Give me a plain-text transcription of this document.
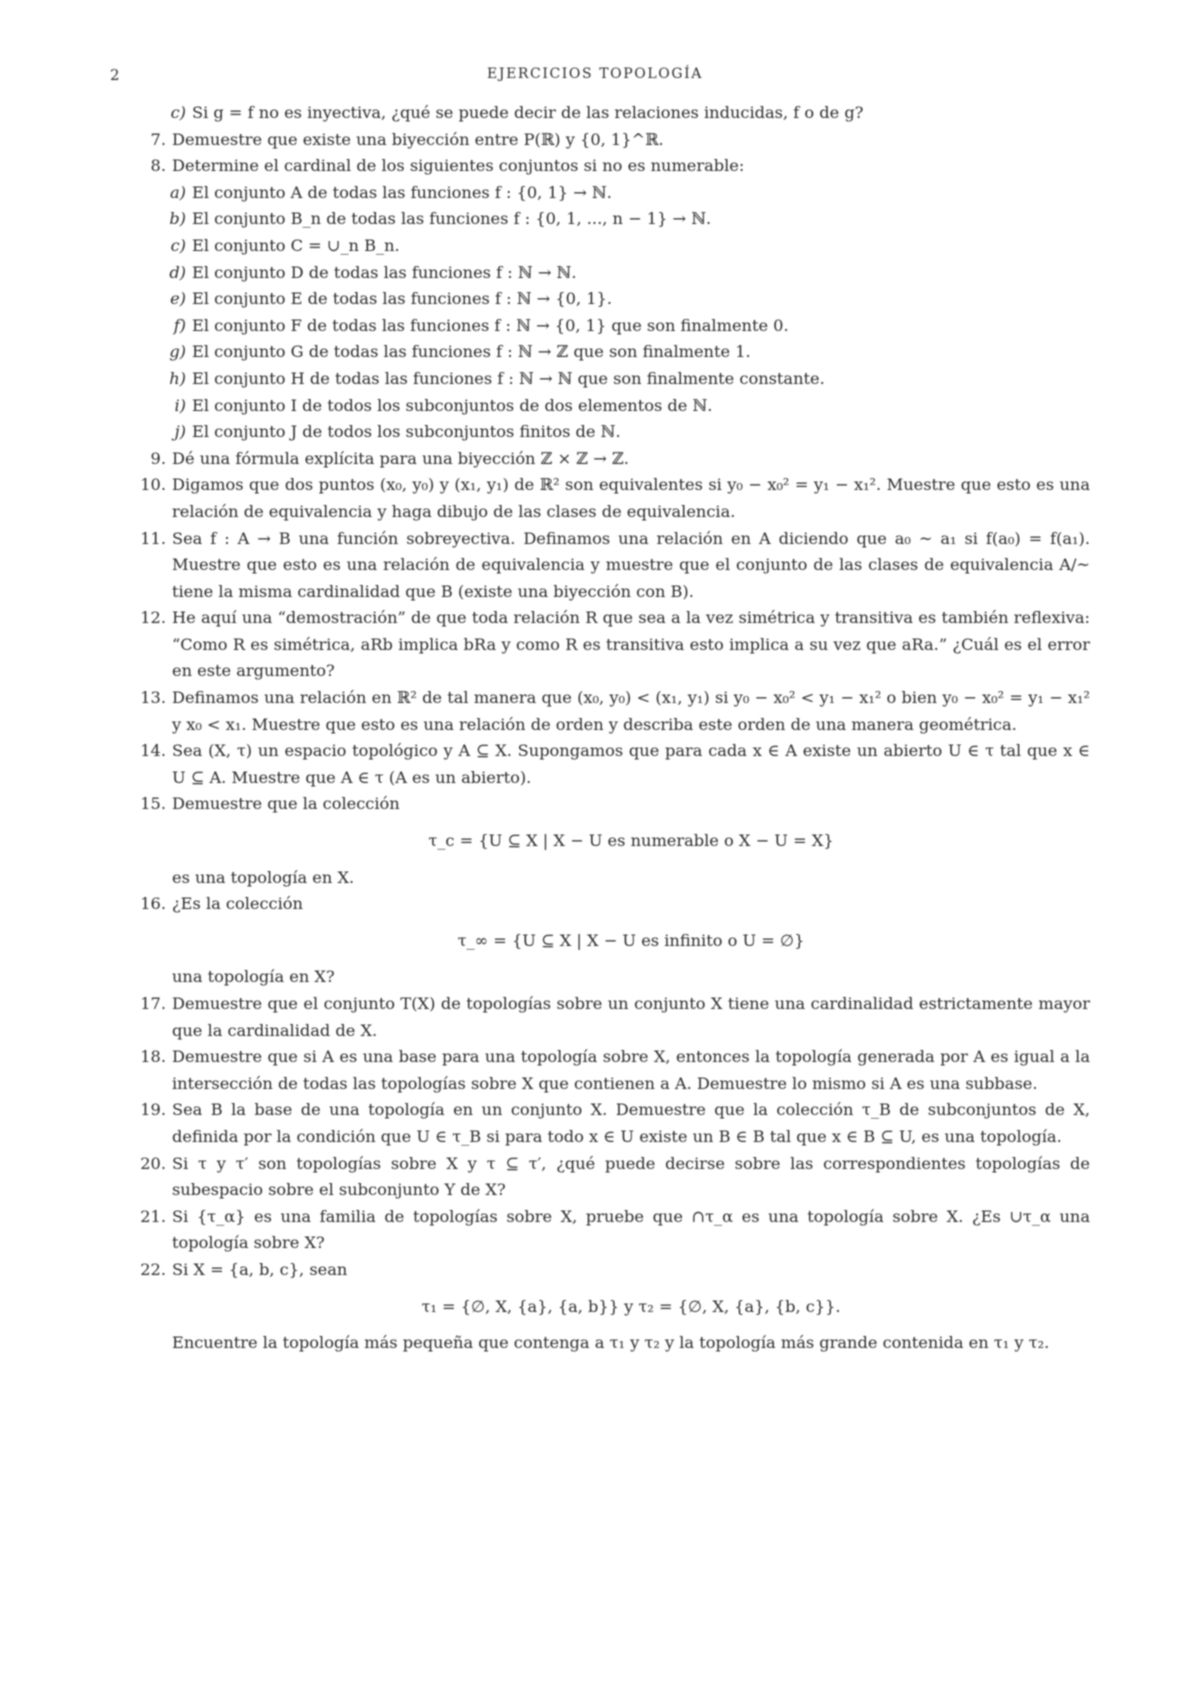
2	EJERCICIOS TOPOLOGÍA
c) Si g = f no es inyectiva, ¿qué se puede decir de las relaciones inducidas, f o de g?
7. Demuestre que existe una biyección entre P(ℝ) y {0, 1}^ℝ.
8. Determine el cardinal de los siguientes conjuntos si no es numerable:
a) El conjunto A de todas las funciones f : {0, 1} → ℕ.
b) El conjunto B_n de todas las funciones f : {0, 1, ..., n − 1} → ℕ.
c) El conjunto C = ∪_n B_n.
d) El conjunto D de todas las funciones f : ℕ → ℕ.
e) El conjunto E de todas las funciones f : ℕ → {0, 1}.
f) El conjunto F de todas las funciones f : ℕ → {0, 1} que son finalmente 0.
g) El conjunto G de todas las funciones f : ℕ → ℤ que son finalmente 1.
h) El conjunto H de todas las funciones f : ℕ → ℕ que son finalmente constante.
i) El conjunto I de todos los subconjuntos de dos elementos de ℕ.
j) El conjunto J de todos los subconjuntos finitos de ℕ.
9. Dé una fórmula explícita para una biyección ℤ × ℤ → ℤ.
10. Digamos que dos puntos (x₀, y₀) y (x₁, y₁) de ℝ² son equivalentes si y₀ − x₀² = y₁ − x₁². Muestre que esto es una relación de equivalencia y haga dibujo de las clases de equivalencia.
11. Sea f : A → B una función sobreyectiva. Definamos una relación en A diciendo que a₀ ~ a₁ si f(a₀) = f(a₁). Muestre que esto es una relación de equivalencia y muestre que el conjunto de las clases de equivalencia A/~ tiene la misma cardinalidad que B (existe una biyección con B).
12. He aquí una “demostración” de que toda relación R que sea a la vez simétrica y transitiva es también reflexiva: “Como R es simétrica, aRb implica bRa y como R es transitiva esto implica a su vez que aRa.” ¿Cuál es el error en este argumento?
13. Definamos una relación en ℝ² de tal manera que (x₀, y₀) < (x₁, y₁) si y₀ − x₀² < y₁ − x₁² o bien y₀ − x₀² = y₁ − x₁² y x₀ < x₁. Muestre que esto es una relación de orden y describa este orden de una manera geométrica.
14. Sea (X, τ) un espacio topológico y A ⊆ X. Supongamos que para cada x ∈ A existe un abierto U ∈ τ tal que x ∈ U ⊆ A. Muestre que A ∈ τ (A es un abierto).
15. Demuestre que la colección
τ_c = {U ⊆ X | X − U es numerable o X − U = X}
es una topología en X.
16. ¿Es la colección
τ_∞ = {U ⊆ X | X − U es infinito o U = ∅}
una topología en X?
17. Demuestre que el conjunto T(X) de topologías sobre un conjunto X tiene una cardinalidad estrictamente mayor que la cardinalidad de X.
18. Demuestre que si A es una base para una topología sobre X, entonces la topología generada por A es igual a la intersección de todas las topologías sobre X que contienen a A. Demuestre lo mismo si A es una subbase.
19. Sea B la base de una topología en un conjunto X. Demuestre que la colección τ_B de subconjuntos de X, definida por la condición que U ∈ τ_B si para todo x ∈ U existe un B ∈ B tal que x ∈ B ⊆ U, es una topología.
20. Si τ y τ′ son topologías sobre X y τ ⊆ τ′, ¿qué puede decirse sobre las correspondientes topologías de subespacio sobre el subconjunto Y de X?
21. Si {τ_α} es una familia de topologías sobre X, pruebe que ∩τ_α es una topología sobre X. ¿Es ∪τ_α una topología sobre X?
22. Si X = {a, b, c}, sean
τ₁ = {∅, X, {a}, {a, b}} y τ₂ = {∅, X, {a}, {b, c}}.
Encuentre la topología más pequeña que contenga a τ₁ y τ₂ y la topología más grande contenida en τ₁ y τ₂.
